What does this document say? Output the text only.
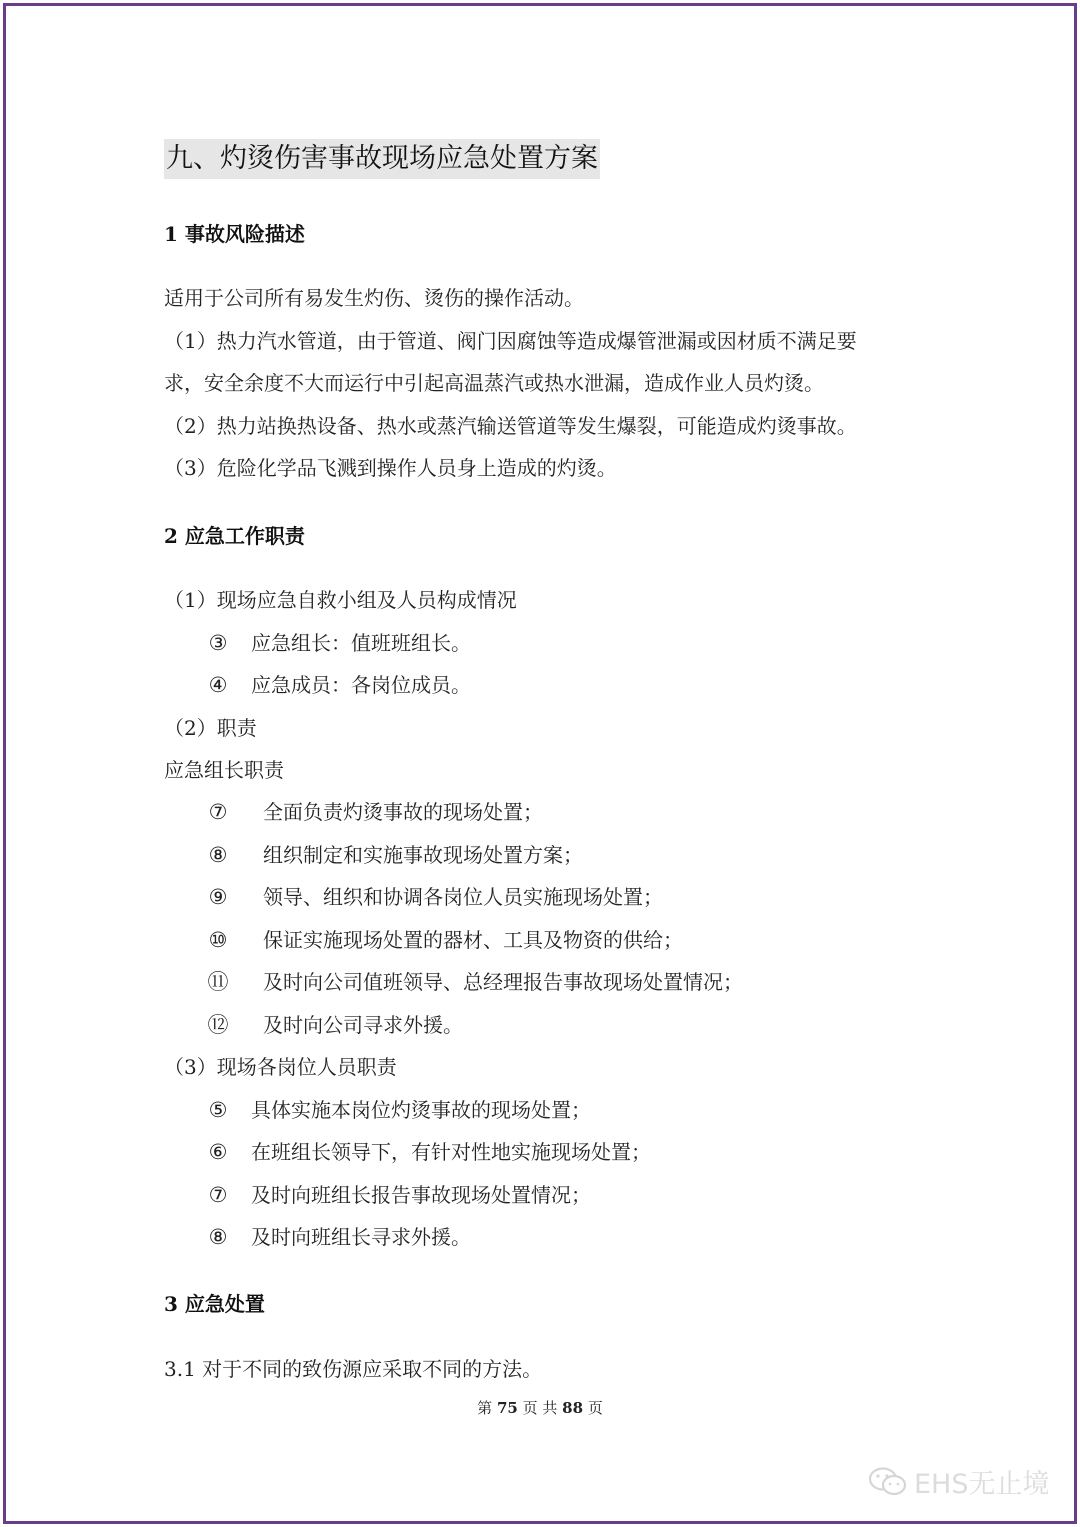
九、灼烫伤害事故现场应急处置方案
1 事故风险描述
适用于公司所有易发生灼伤、烫伤的操作活动。
（1）热力汽水管道，由于管道、阀门因腐蚀等造成爆管泄漏或因材质不满足要
求，安全余度不大而运行中引起高温蒸汽或热水泄漏，造成作业人员灼烫。
（2）热力站换热设备、热水或蒸汽输送管道等发生爆裂，可能造成灼烫事故。
（3）危险化学品飞溅到操作人员身上造成的灼烫。
2 应急工作职责
（1）现场应急自救小组及人员构成情况
③ 应急组长：值班班组长。
④ 应急成员：各岗位成员。
（2）职责
应急组长职责
⑦ 全面负责灼烫事故的现场处置；
⑧ 组织制定和实施事故现场处置方案；
⑨ 领导、组织和协调各岗位人员实施现场处置；
⑩ 保证实施现场处置的器材、工具及物资的供给；
⑪ 及时向公司值班领导、总经理报告事故现场处置情况；
⑫ 及时向公司寻求外援。
（3）现场各岗位人员职责
⑤ 具体实施本岗位灼烫事故的现场处置；
⑥ 在班组长领导下，有针对性地实施现场处置；
⑦ 及时向班组长报告事故现场处置情况；
⑧ 及时向班组长寻求外援。
3 应急处置
3.1 对于不同的致伤源应采取不同的方法。
第 75 页 共 88 页
EHS无止境
